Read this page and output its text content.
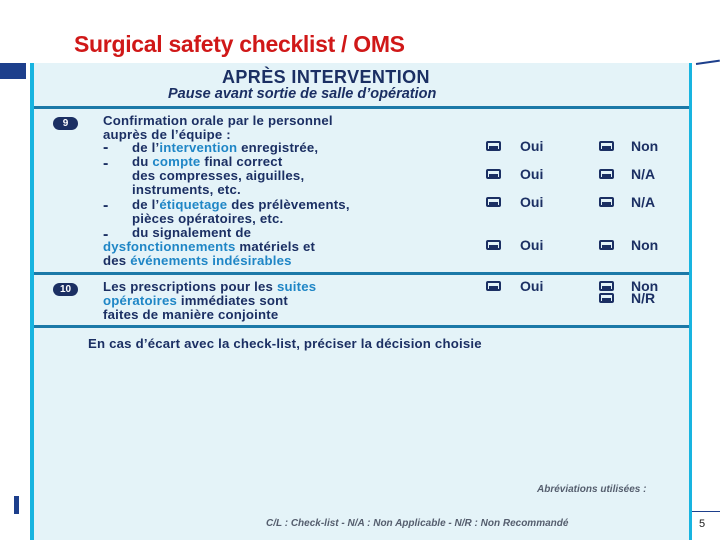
Surgical safety checklist / OMS
5
APRÈS INTERVENTION
Pause avant sortie de salle d’opération
9	Confirmation orale par le personnel
auprès de l’équipe :
- de l’intervention enregistrée,	Oui	Non
- du compte final correct
des compresses, aiguilles,
instruments, etc.
Oui	N/A
- de l’étiquetage des prélèvements,
pièces opératoires, etc.
Oui	N/A
- du signalement de
dysfonctionnements matériels et
des événements indésirables
Oui	Non
10	Les prescriptions pour les suites
opératoires immédiates sont
faites de manière conjointe
Oui	Non
N/R
En cas d’écart avec la check-list, préciser la décision choisie
Abréviations utilisées :
C/L : Check-list - N/A : Non Applicable - N/R : Non Recommandé
